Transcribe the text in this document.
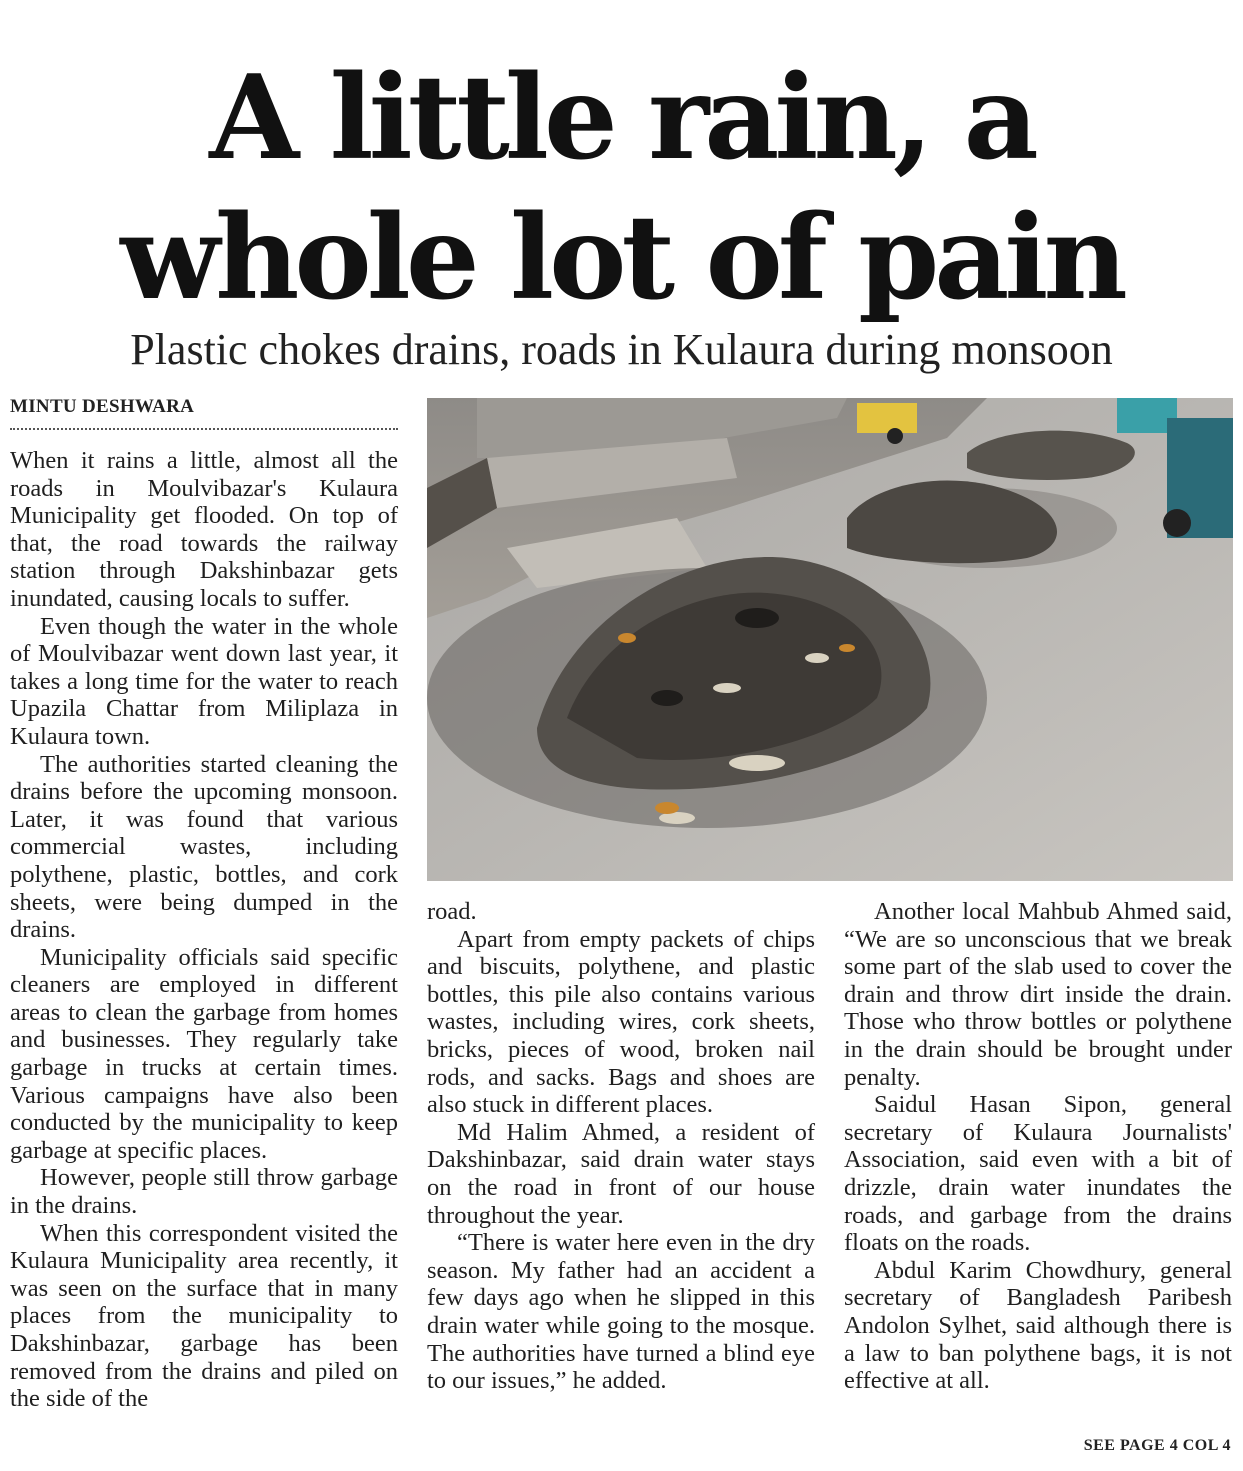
A little rain, a
whole lot of pain
Plastic chokes drains, roads in Kulaura during monsoon
MINTU DESHWARA

When it rains a little, almost all the roads in Moulvibazar's Kulaura Municipality get flooded. On top of that, the road towards the railway station through Dakshinbazar gets inundated, causing locals to suffer.

Even though the water in the whole of Moulvibazar went down last year, it takes a long time for the water to reach Upazila Chattar from Miliplaza in Kulaura town.

The authorities started cleaning the drains before the upcoming monsoon. Later, it was found that various commercial wastes, including polythene, plastic, bottles, and cork sheets, were being dumped in the drains.

Municipality officials said specific cleaners are employed in different areas to clean the garbage from homes and businesses. They regularly take garbage in trucks at certain times. Various campaigns have also been conducted by the municipality to keep garbage at specific places.

However, people still throw garbage in the drains.

When this correspondent visited the Kulaura Municipality area recently, it was seen on the surface that in many places from the municipality to Dakshinbazar, garbage has been removed from the drains and piled on the side of the

road.

Apart from empty packets of chips and biscuits, polythene, and plastic bottles, this pile also contains various wastes, including wires, cork sheets, bricks, pieces of wood, broken nail rods, and sacks. Bags and shoes are also stuck in different places.

Md Halim Ahmed, a resident of Dakshinbazar, said drain water stays on the road in front of our house throughout the year.

“There is water here even in the dry season. My father had an accident a few days ago when he slipped in this drain water while going to the mosque. The authorities have turned a blind eye to our issues,” he added.

Another local Mahbub Ahmed said, “We are so unconscious that we break some part of the slab used to cover the drain and throw dirt inside the drain. Those who throw bottles or polythene in the drain should be brought under penalty.

Saidul Hasan Sipon, general secretary of Kulaura Journalists' Association, said even with a bit of drizzle, drain water inundates the roads, and garbage from the drains floats on the roads.

Abdul Karim Chowdhury, general secretary of Bangladesh Paribesh Andolon Sylhet, said although there is a law to ban polythene bags, it is not effective at all.

SEE PAGE 4 COL 4
